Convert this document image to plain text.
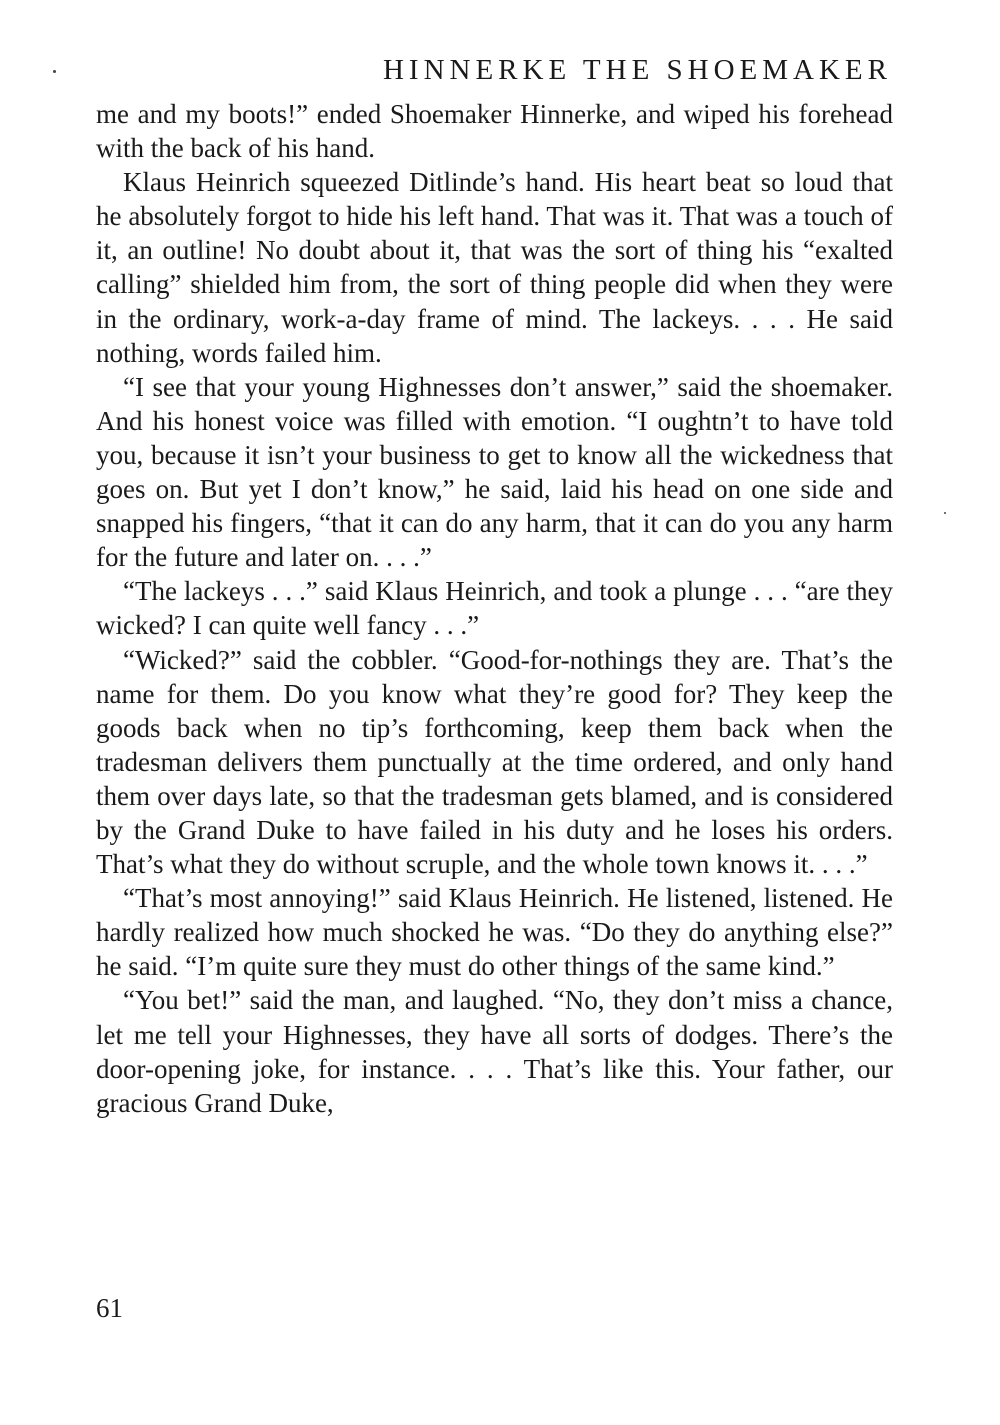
HINNERKE THE SHOEMAKER

me and my boots!” ended Shoemaker Hinnerke, and wiped his forehead with the back of his hand.

Klaus Heinrich squeezed Ditlinde’s hand. His heart beat so loud that he absolutely forgot to hide his left hand. That was it. That was a touch of it, an outline! No doubt about it, that was the sort of thing his “exalted calling” shielded him from, the sort of thing people did when they were in the ordinary, work-a-day frame of mind. The lackeys. . . . He said nothing, words failed him.

“I see that your young Highnesses don’t answer,” said the shoemaker. And his honest voice was filled with emotion. “I oughtn’t to have told you, because it isn’t your business to get to know all the wickedness that goes on. But yet I don’t know,” he said, laid his head on one side and snapped his fingers, “that it can do any harm, that it can do you any harm for the future and later on. . . .”

“The lackeys . . .” said Klaus Heinrich, and took a plunge . . . “are they wicked? I can quite well fancy . . .”

“Wicked?” said the cobbler. “Good-for-nothings they are. That’s the name for them. Do you know what they’re good for? They keep the goods back when no tip’s forthcoming, keep them back when the tradesman delivers them punctually at the time ordered, and only hand them over days late, so that the tradesman gets blamed, and is considered by the Grand Duke to have failed in his duty and he loses his orders. That’s what they do without scruple, and the whole town knows it. . . .”

“That’s most annoying!” said Klaus Heinrich. He listened, listened. He hardly realized how much shocked he was. “Do they do anything else?” he said. “I’m quite sure they must do other things of the same kind.”

“You bet!” said the man, and laughed. “No, they don’t miss a chance, let me tell your Highnesses, they have all sorts of dodges. There’s the door-opening joke, for instance. . . . That’s like this. Your father, our gracious Grand Duke,

61
